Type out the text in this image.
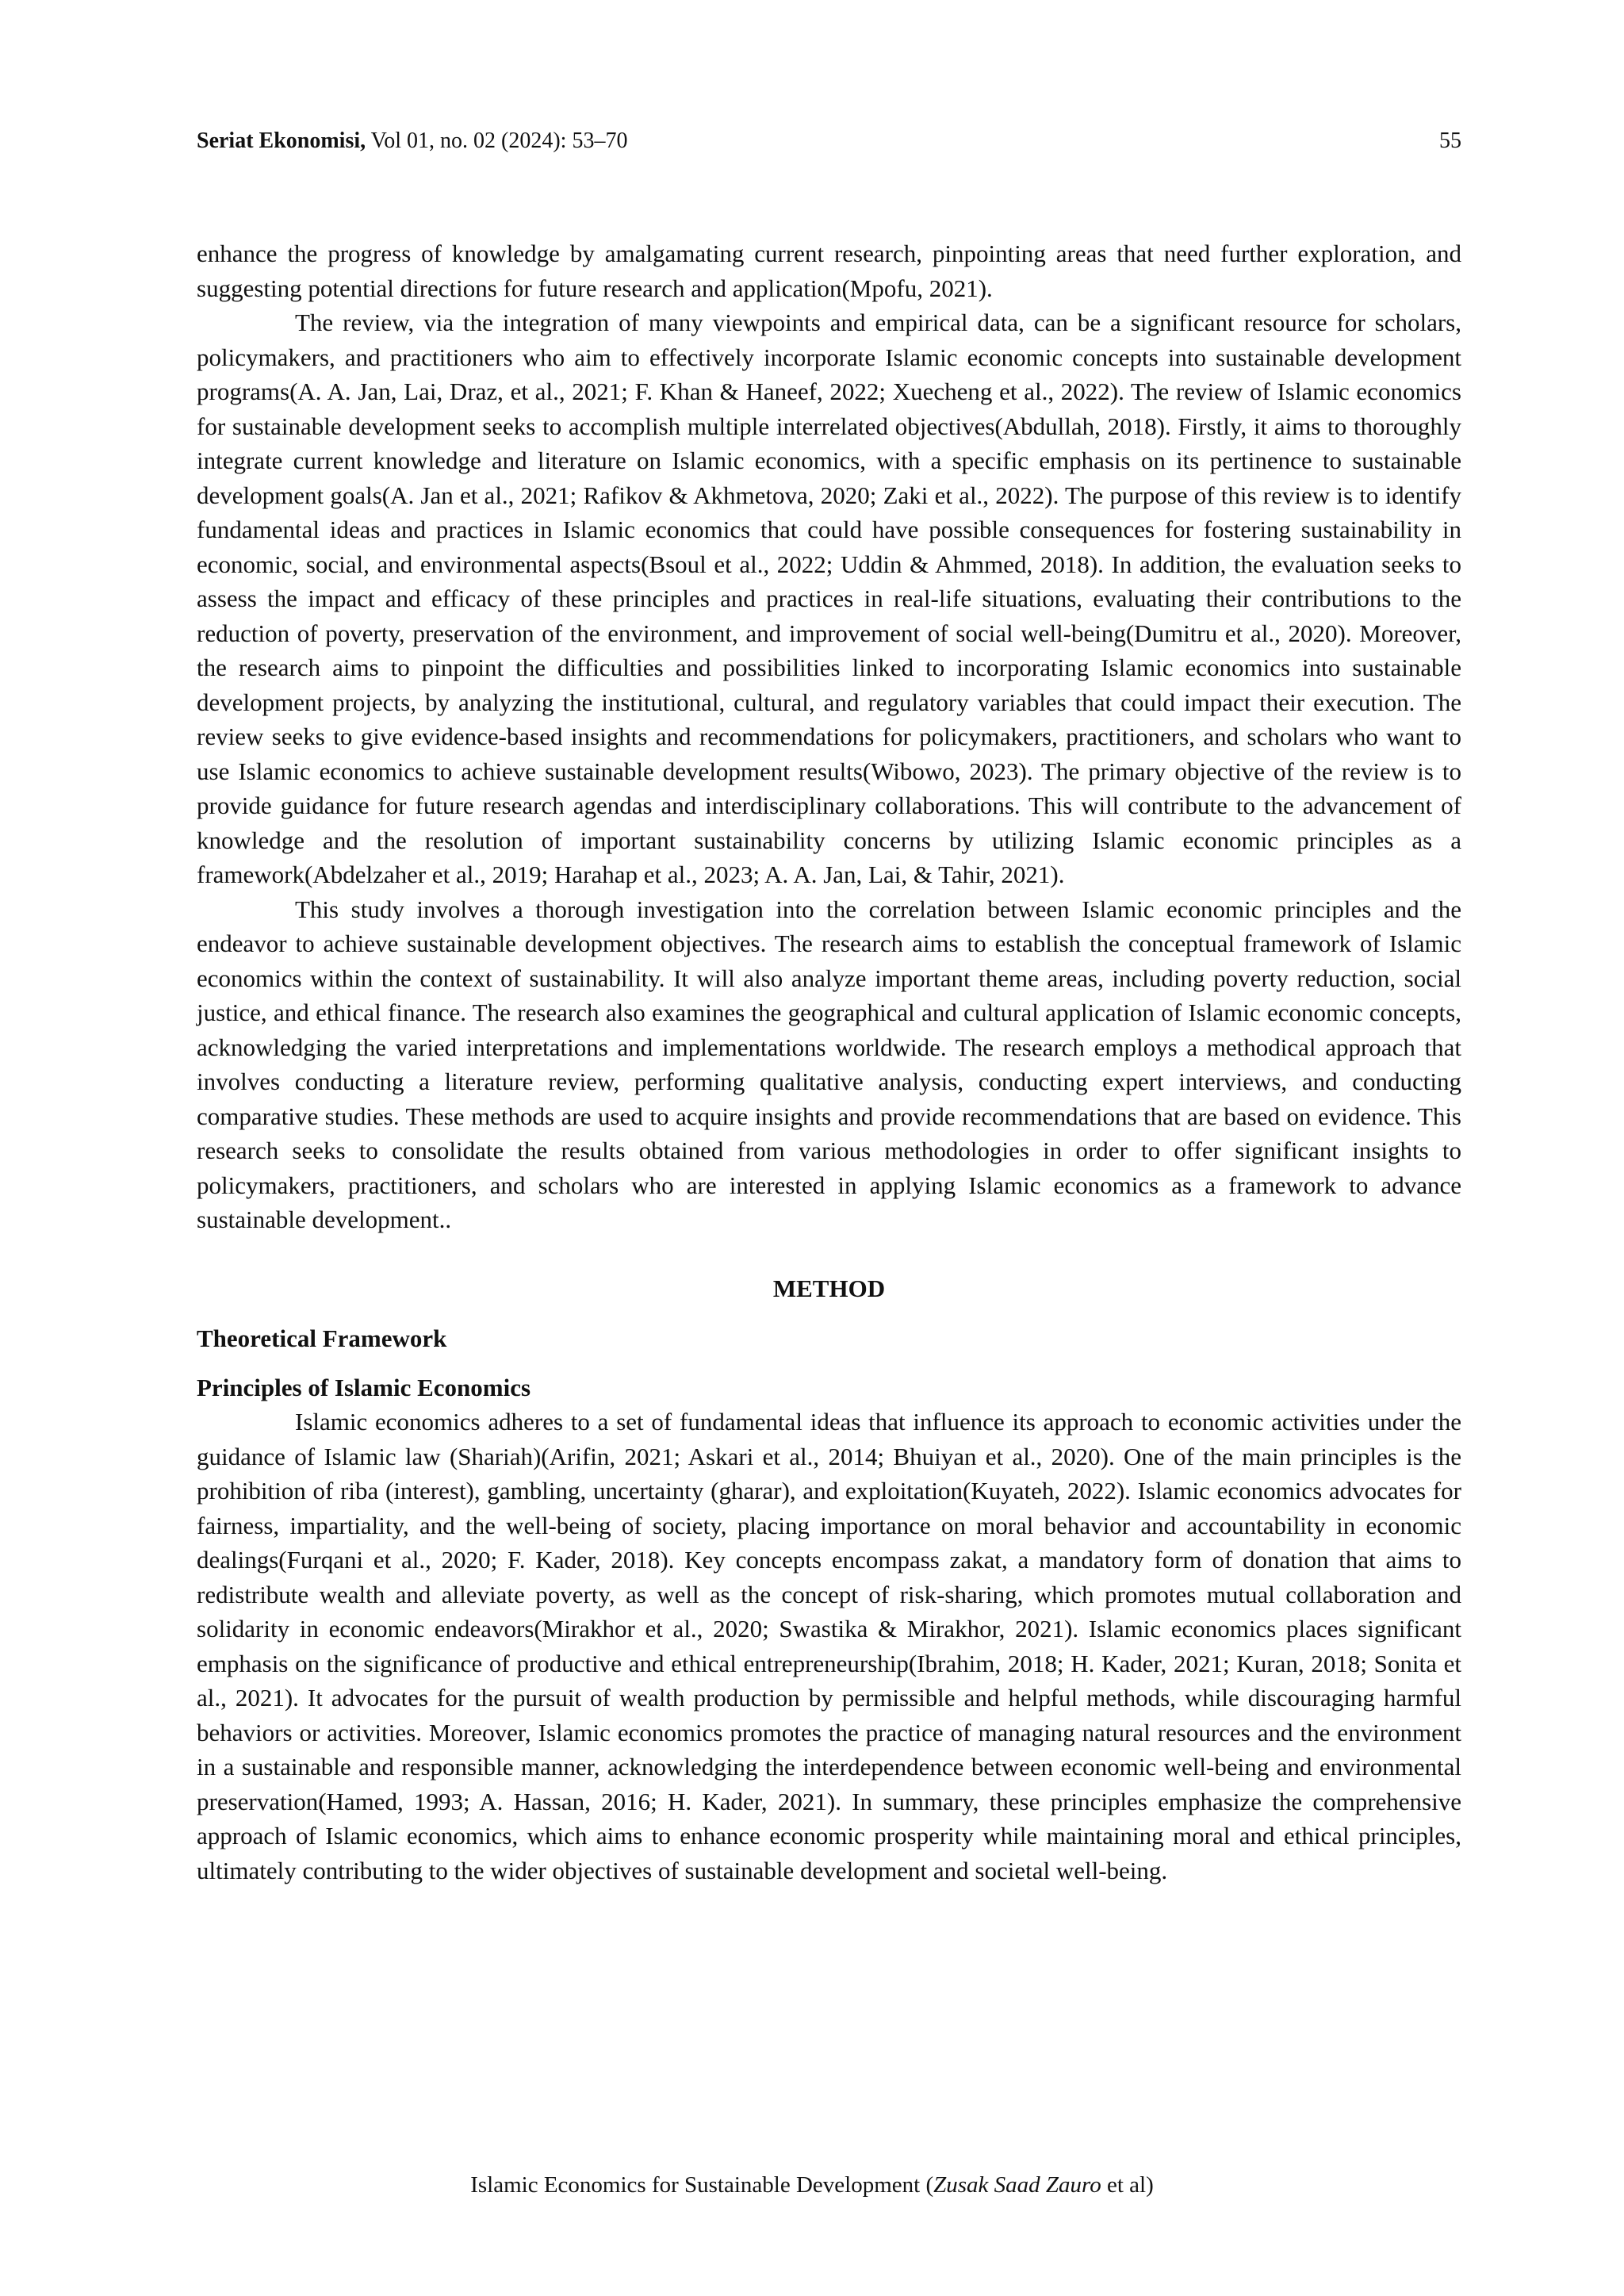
Seriat Ekonomisi, Vol 01, no. 02 (2024): 53–70	55

enhance the progress of knowledge by amalgamating current research, pinpointing areas that need further exploration, and suggesting potential directions for future research and application(Mpofu, 2021).

The review, via the integration of many viewpoints and empirical data, can be a significant resource for scholars, policymakers, and practitioners who aim to effectively incorporate Islamic economic concepts into sustainable development programs(A. A. Jan, Lai, Draz, et al., 2021; F. Khan & Haneef, 2022; Xuecheng et al., 2022). The review of Islamic economics for sustainable development seeks to accomplish multiple interrelated objectives(Abdullah, 2018). Firstly, it aims to thoroughly integrate current knowledge and literature on Islamic economics, with a specific emphasis on its pertinence to sustainable development goals(A. Jan et al., 2021; Rafikov & Akhmetova, 2020; Zaki et al., 2022). The purpose of this review is to identify fundamental ideas and practices in Islamic economics that could have possible consequences for fostering sustainability in economic, social, and environmental aspects(Bsoul et al., 2022; Uddin & Ahmmed, 2018). In addition, the evaluation seeks to assess the impact and efficacy of these principles and practices in real-life situations, evaluating their contributions to the reduction of poverty, preservation of the environment, and improvement of social well-being(Dumitru et al., 2020). Moreover, the research aims to pinpoint the difficulties and possibilities linked to incorporating Islamic economics into sustainable development projects, by analyzing the institutional, cultural, and regulatory variables that could impact their execution. The review seeks to give evidence-based insights and recommendations for policymakers, practitioners, and scholars who want to use Islamic economics to achieve sustainable development results(Wibowo, 2023). The primary objective of the review is to provide guidance for future research agendas and interdisciplinary collaborations. This will contribute to the advancement of knowledge and the resolution of important sustainability concerns by utilizing Islamic economic principles as a framework(Abdelzaher et al., 2019; Harahap et al., 2023; A. A. Jan, Lai, & Tahir, 2021).

This study involves a thorough investigation into the correlation between Islamic economic principles and the endeavor to achieve sustainable development objectives. The research aims to establish the conceptual framework of Islamic economics within the context of sustainability. It will also analyze important theme areas, including poverty reduction, social justice, and ethical finance. The research also examines the geographical and cultural application of Islamic economic concepts, acknowledging the varied interpretations and implementations worldwide. The research employs a methodical approach that involves conducting a literature review, performing qualitative analysis, conducting expert interviews, and conducting comparative studies. These methods are used to acquire insights and provide recommendations that are based on evidence. This research seeks to consolidate the results obtained from various methodologies in order to offer significant insights to policymakers, practitioners, and scholars who are interested in applying Islamic economics as a framework to advance sustainable development..

METHOD
Theoretical Framework
Principles of Islamic Economics

Islamic economics adheres to a set of fundamental ideas that influence its approach to economic activities under the guidance of Islamic law (Shariah)(Arifin, 2021; Askari et al., 2014; Bhuiyan et al., 2020). One of the main principles is the prohibition of riba (interest), gambling, uncertainty (gharar), and exploitation(Kuyateh, 2022). Islamic economics advocates for fairness, impartiality, and the well-being of society, placing importance on moral behavior and accountability in economic dealings(Furqani et al., 2020; F. Kader, 2018). Key concepts encompass zakat, a mandatory form of donation that aims to redistribute wealth and alleviate poverty, as well as the concept of risk-sharing, which promotes mutual collaboration and solidarity in economic endeavors(Mirakhor et al., 2020; Swastika & Mirakhor, 2021). Islamic economics places significant emphasis on the significance of productive and ethical entrepreneurship(Ibrahim, 2018; H. Kader, 2021; Kuran, 2018; Sonita et al., 2021). It advocates for the pursuit of wealth production by permissible and helpful methods, while discouraging harmful behaviors or activities. Moreover, Islamic economics promotes the practice of managing natural resources and the environment in a sustainable and responsible manner, acknowledging the interdependence between economic well-being and environmental preservation(Hamed, 1993; A. Hassan, 2016; H. Kader, 2021). In summary, these principles emphasize the comprehensive approach of Islamic economics, which aims to enhance economic prosperity while maintaining moral and ethical principles, ultimately contributing to the wider objectives of sustainable development and societal well-being.

Islamic Economics for Sustainable Development (Zusak Saad Zauro et al)
